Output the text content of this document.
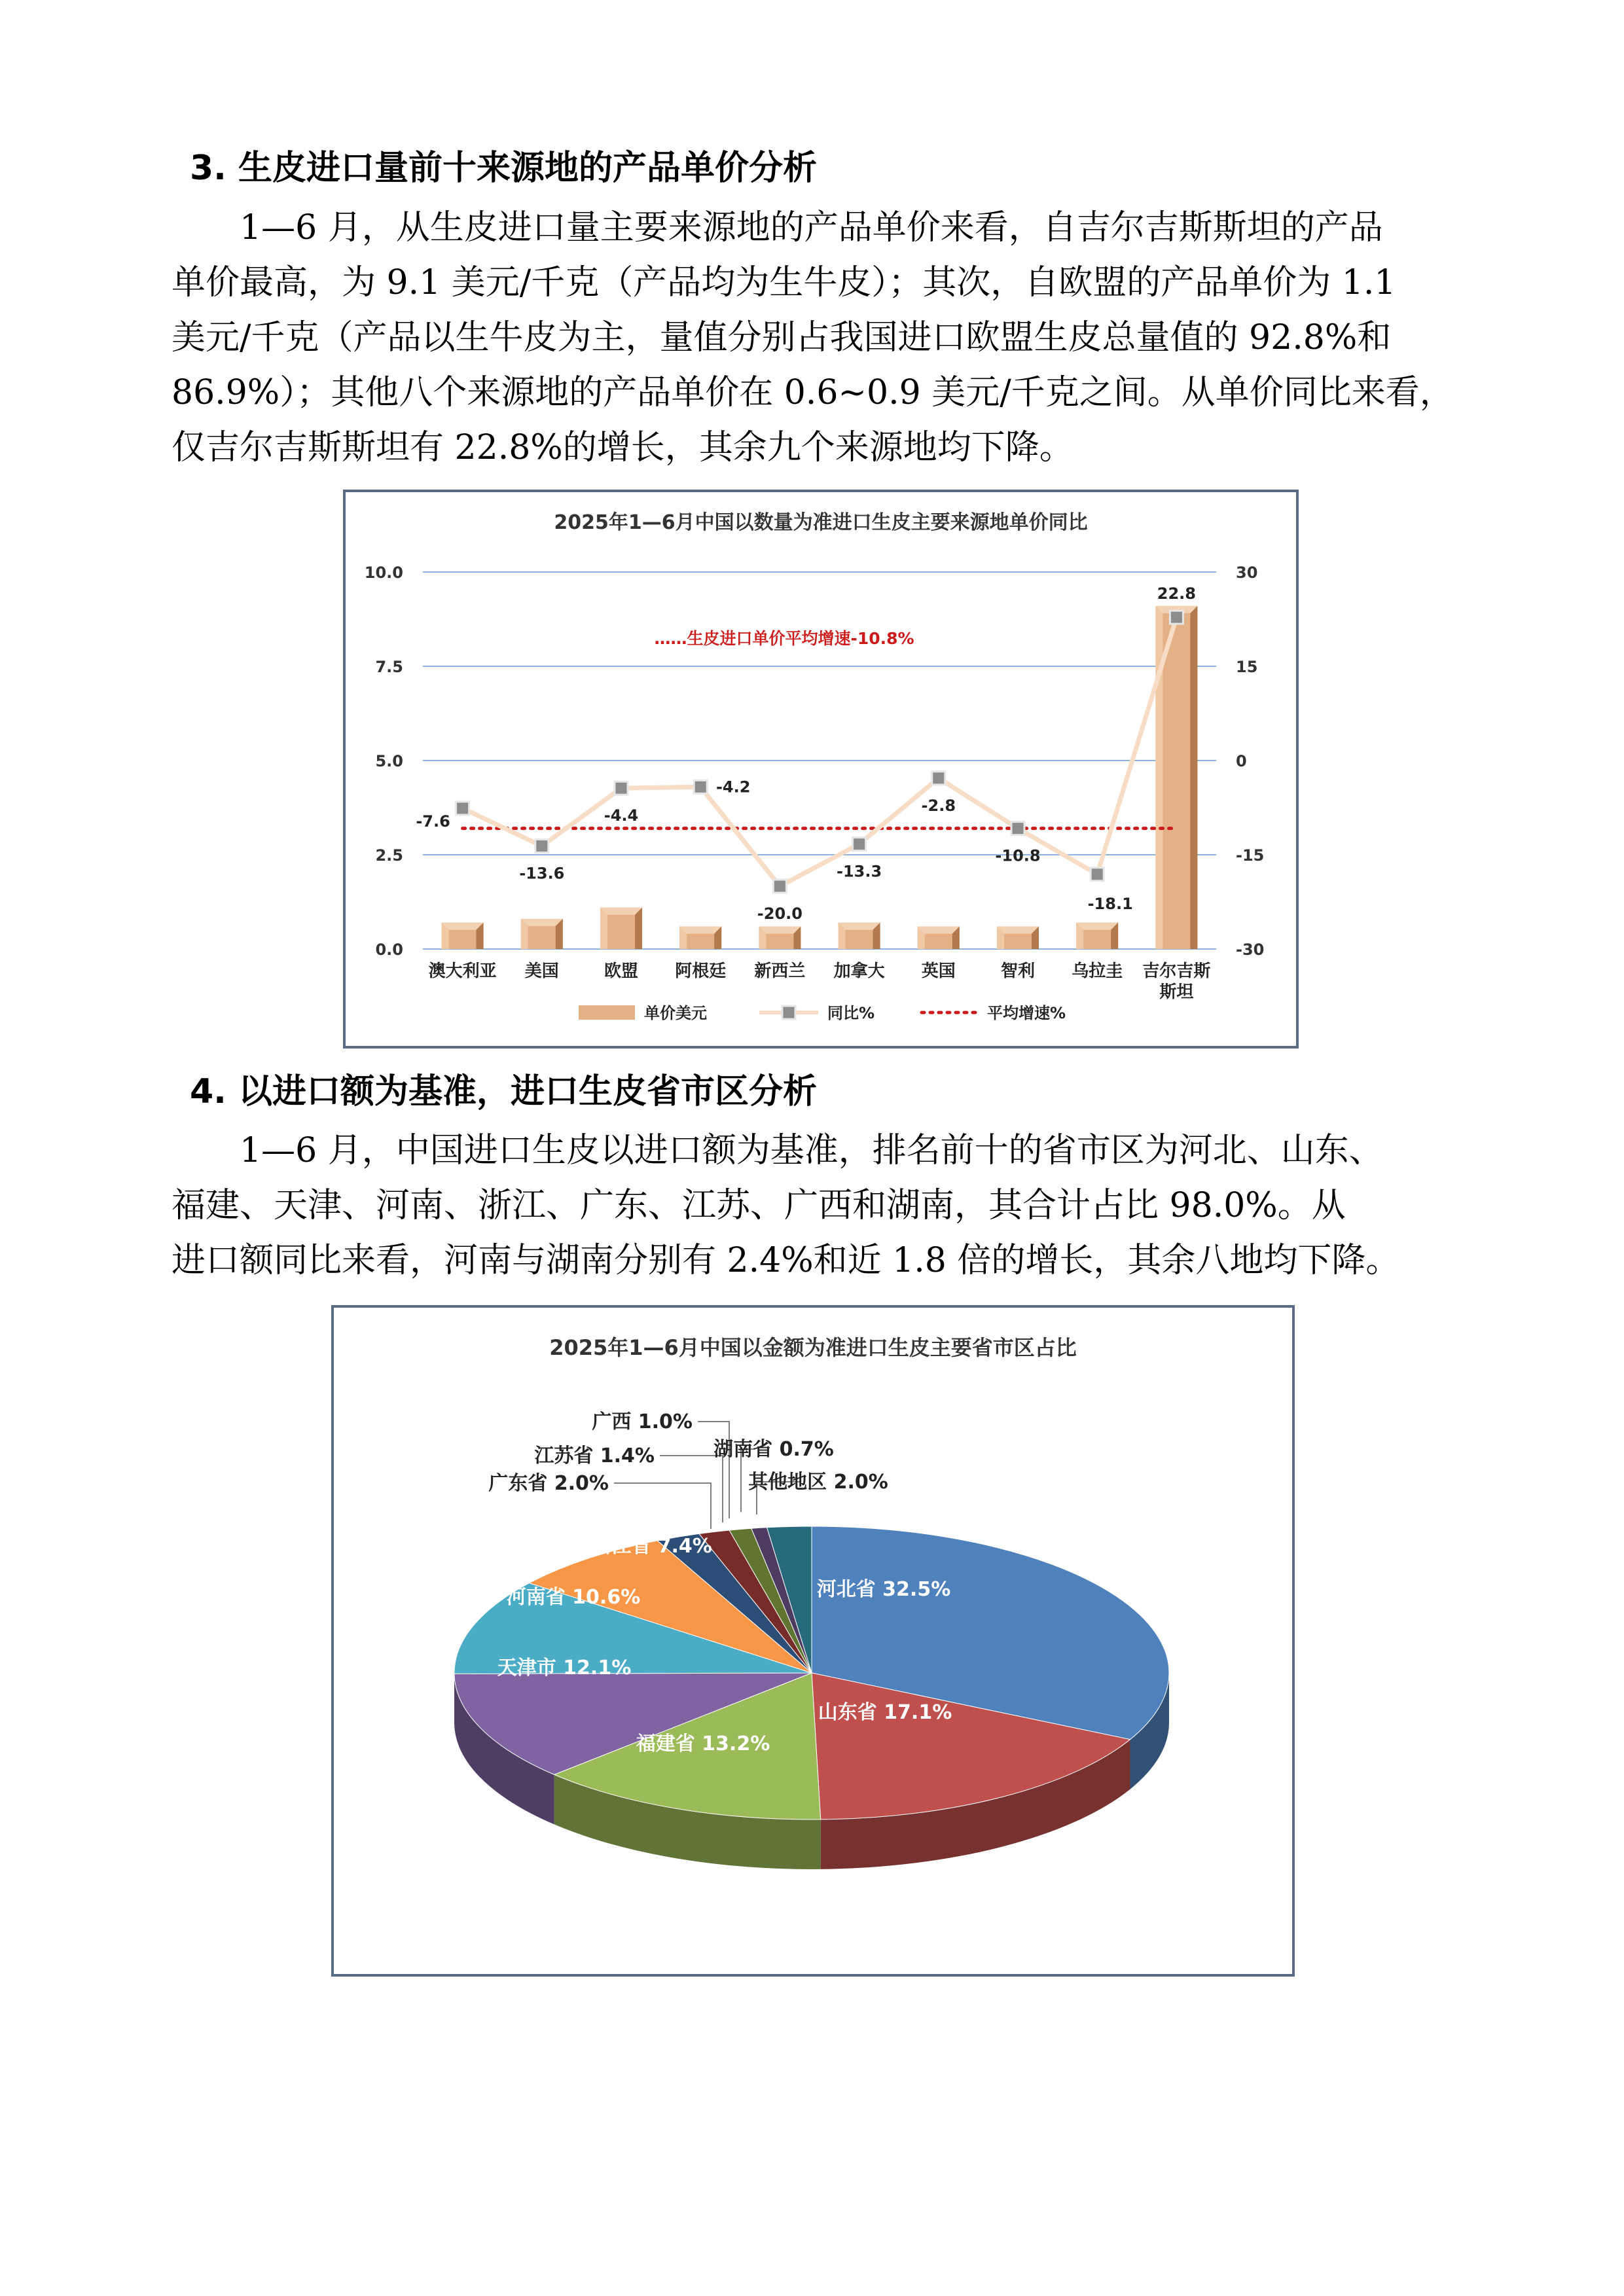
3. 生皮进口量前十来源地的产品单价分析

1—6 月，从生皮进口量主要来源地的产品单价来看，自吉尔吉斯斯坦的产品
单价最高，为 9.1 美元/千克（产品均为生牛皮）；其次，自欧盟的产品单价为 1.1
美元/千克（产品以生牛皮为主，量值分别占我国进口欧盟生皮总量值的 92.8%和
86.9%）；其他八个来源地的产品单价在 0.6~0.9 美元/千克之间。从单价同比来看，
仅吉尔吉斯斯坦有 22.8%的增长，其余九个来源地均下降。

2025年1—6月中国以数量为准进口生皮主要来源地单价同比
0.0
2.5
5.0
7.5
10.0
-30
-15
0
15
30
-7.6
-13.6
-4.4
-4.2
-20.0
-13.3
-2.8
-10.8
-18.1
22.8
……生皮进口单价平均增速-10.8%
澳大利亚 美国	欧盟 阿根廷 新西兰 加拿大 英国	智利 乌拉圭 吉尔吉斯
斯坦
单价美元	同比%	平均增速%
4. 以进口额为基准，进口生皮省市区分析

1—6 月，中国进口生皮以进口额为基准，排名前十的省市区为河北、山东、
福建、天津、河南、浙江、广东、江苏、广西和湖南，其合计占比 98.0%。从
进口额同比来看，河南与湖南分别有 2.4%和近 1.8 倍的增长，其余八地均下降。

2025年1—6月中国以金额为准进口生皮主要省市区占比
河北省 32.5%
山东省 17.1%
福建省 13.2%
天津市 12.1%
河南省 10.6%
浙江省 7.4%
广东省 2.0%
江苏省 1.4%
广西 1.0%
湖南省 0.7%
其他地区 2.0%
